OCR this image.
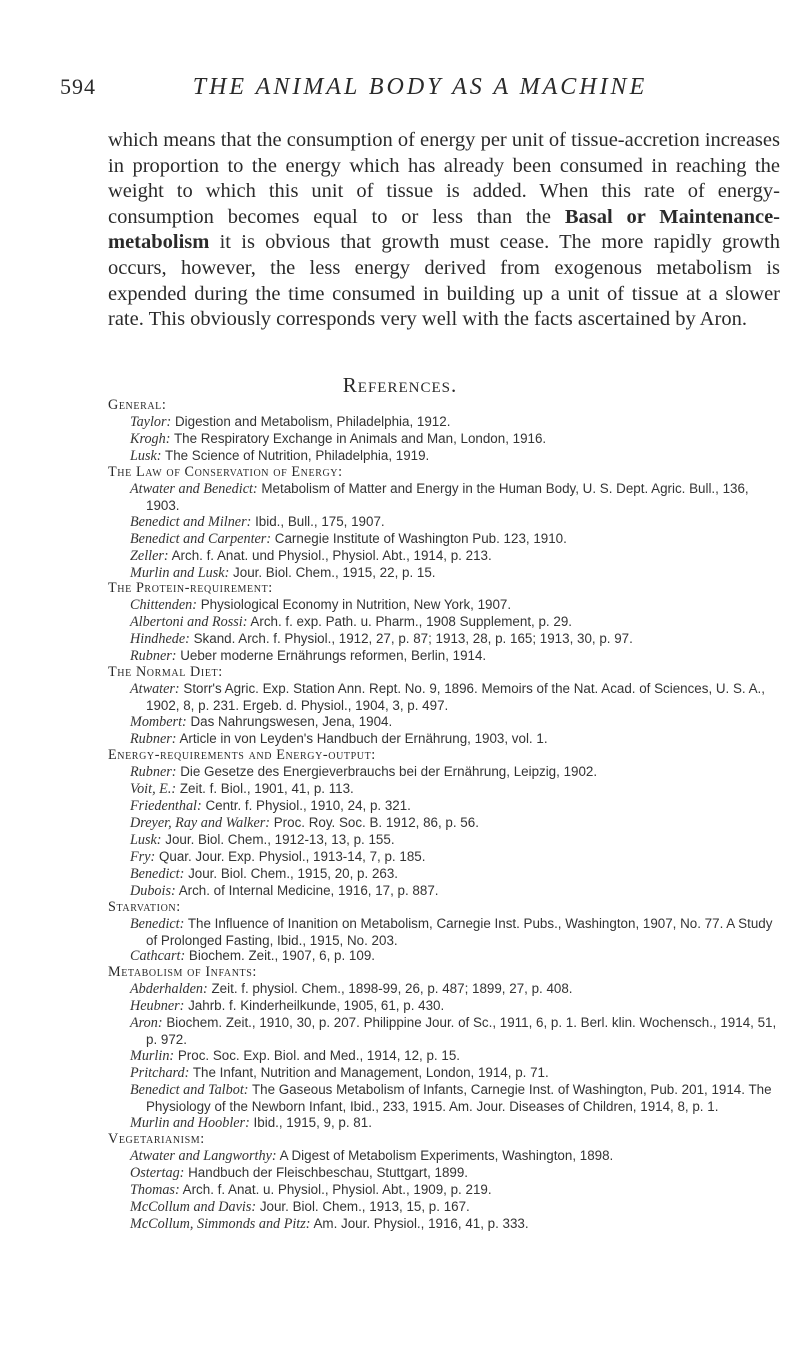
594	THE ANIMAL BODY AS A MACHINE

which means that the consumption of energy per unit of tissue-accretion increases in proportion to the energy which has already been consumed in reaching the weight to which this unit of tissue is added. When this rate of energy-consumption becomes equal to or less than the Basal or Maintenance-metabolism it is obvious that growth must cease. The more rapidly growth occurs, however, the less energy derived from exogenous metabolism is expended during the time consumed in building up a unit of tissue at a slower rate. This obviously corresponds very well with the facts ascertained by Aron.

References.
General:
Taylor: Digestion and Metabolism, Philadelphia, 1912.
Krogh: The Respiratory Exchange in Animals and Man, London, 1916.
Lusk: The Science of Nutrition, Philadelphia, 1919.
The Law of Conservation of Energy:
Atwater and Benedict: Metabolism of Matter and Energy in the Human Body, U. S. Dept. Agric. Bull., 136, 1903.
Benedict and Milner: Ibid., Bull., 175, 1907.
Benedict and Carpenter: Carnegie Institute of Washington Pub. 123, 1910.
Zeller: Arch. f. Anat. und Physiol., Physiol. Abt., 1914, p. 213.
Murlin and Lusk: Jour. Biol. Chem., 1915, 22, p. 15.
The Protein-requirement:
Chittenden: Physiological Economy in Nutrition, New York, 1907.
Albertoni and Rossi: Arch. f. exp. Path. u. Pharm., 1908 Supplement, p. 29.
Hindhede: Skand. Arch. f. Physiol., 1912, 27, p. 87; 1913, 28, p. 165; 1913, 30, p. 97.
Rubner: Ueber moderne Ernährungs reformen, Berlin, 1914.
The Normal Diet:
Atwater: Storr's Agric. Exp. Station Ann. Rept. No. 9, 1896. Memoirs of the Nat. Acad. of Sciences, U. S. A., 1902, 8, p. 231. Ergeb. d. Physiol., 1904, 3, p. 497.
Mombert: Das Nahrungswesen, Jena, 1904.
Rubner: Article in von Leyden's Handbuch der Ernährung, 1903, vol. 1.
Energy-requirements and Energy-output:
Rubner: Die Gesetze des Energieverbrauchs bei der Ernährung, Leipzig, 1902.
Voit, E.: Zeit. f. Biol., 1901, 41, p. 113.
Friedenthal: Centr. f. Physiol., 1910, 24, p. 321.
Dreyer, Ray and Walker: Proc. Roy. Soc. B. 1912, 86, p. 56.
Lusk: Jour. Biol. Chem., 1912-13, 13, p. 155.
Fry: Quar. Jour. Exp. Physiol., 1913-14, 7, p. 185.
Benedict: Jour. Biol. Chem., 1915, 20, p. 263.
Dubois: Arch. of Internal Medicine, 1916, 17, p. 887.
Starvation:
Benedict: The Influence of Inanition on Metabolism, Carnegie Inst. Pubs., Washington, 1907, No. 77. A Study of Prolonged Fasting, Ibid., 1915, No. 203.
Cathcart: Biochem. Zeit., 1907, 6, p. 109.
Metabolism of Infants:
Abderhalden: Zeit. f. physiol. Chem., 1898-99, 26, p. 487; 1899, 27, p. 408.
Heubner: Jahrb. f. Kinderheilkunde, 1905, 61, p. 430.
Aron: Biochem. Zeit., 1910, 30, p. 207. Philippine Jour. of Sc., 1911, 6, p. 1. Berl. klin. Wochensch., 1914, 51, p. 972.
Murlin: Proc. Soc. Exp. Biol. and Med., 1914, 12, p. 15.
Pritchard: The Infant, Nutrition and Management, London, 1914, p. 71.
Benedict and Talbot: The Gaseous Metabolism of Infants, Carnegie Inst. of Washington, Pub. 201, 1914. The Physiology of the Newborn Infant, Ibid., 233, 1915. Am. Jour. Diseases of Children, 1914, 8, p. 1.
Murlin and Hoobler: Ibid., 1915, 9, p. 81.
Vegetarianism:
Atwater and Langworthy: A Digest of Metabolism Experiments, Washington, 1898.
Ostertag: Handbuch der Fleischbeschau, Stuttgart, 1899.
Thomas: Arch. f. Anat. u. Physiol., Physiol. Abt., 1909, p. 219.
McCollum and Davis: Jour. Biol. Chem., 1913, 15, p. 167.
McCollum, Simmonds and Pitz: Am. Jour. Physiol., 1916, 41, p. 333.
